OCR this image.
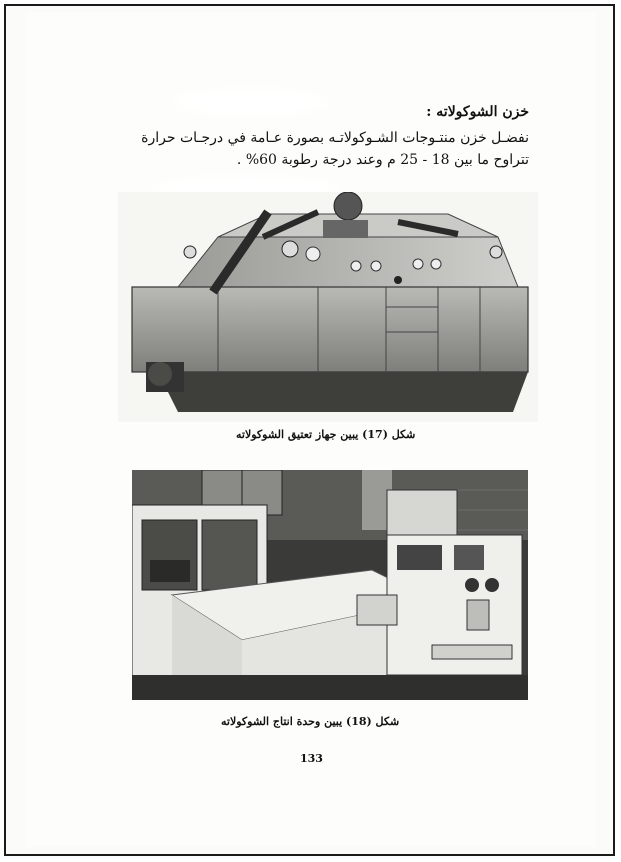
خزن الشوكولاته :
نفضـل خزن منتـوجات الشـوكولاتـه بصورة عـامة في درجـات حرارة تتراوح ما بين 18 - 25 م وعند درجة رطوبة 60% .
شكل (17) يبين جهاز تعتيق الشوكولاته
شكل (18) يبين وحدة انتاج الشوكولاته
133
